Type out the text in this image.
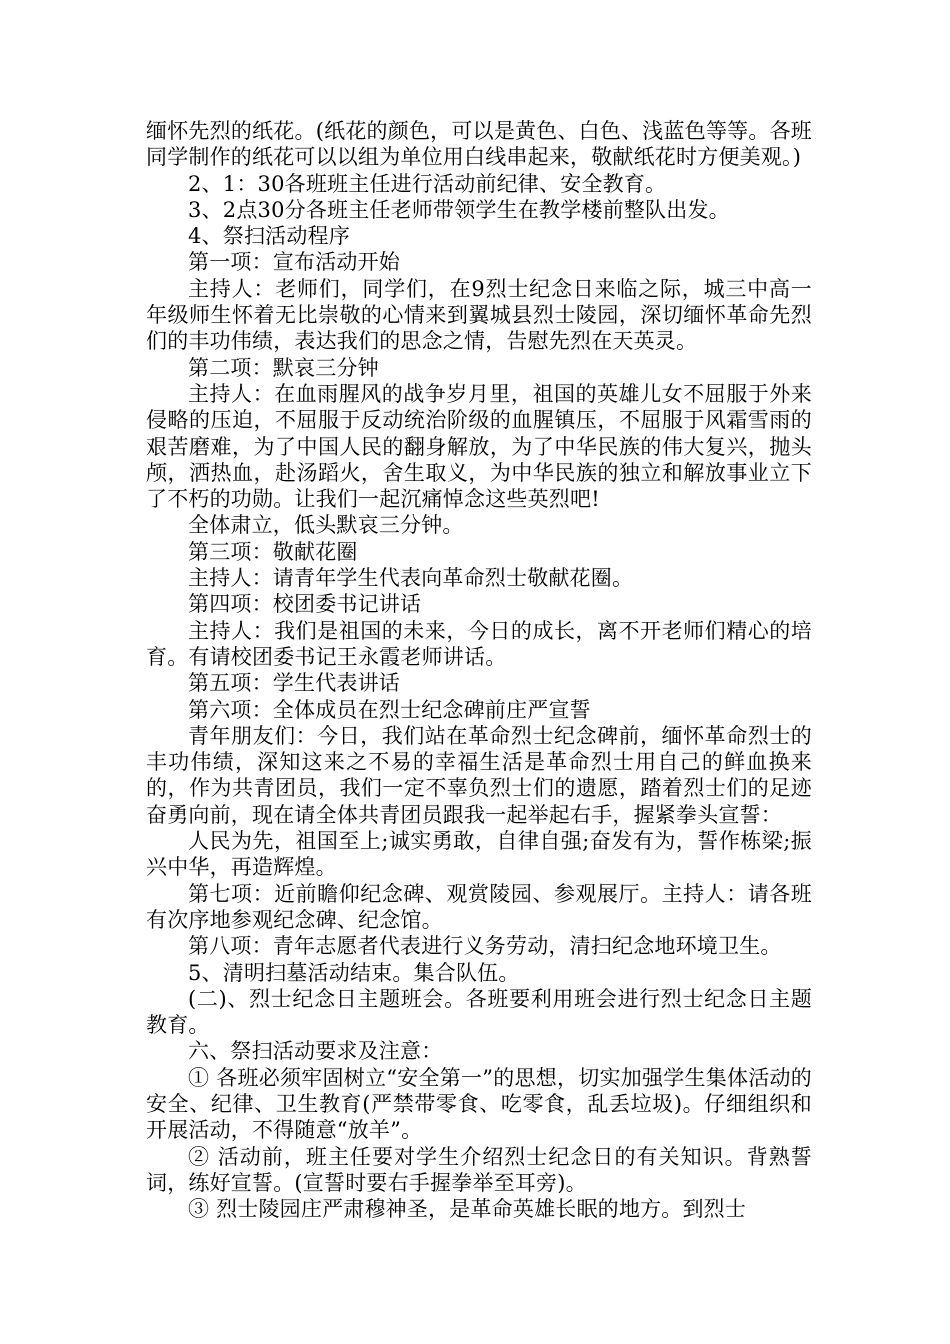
缅怀先烈的纸花。(纸花的颜色，可以是黄色、白色、浅蓝色等等。各班同学制作的纸花可以以组为单位用白线串起来，敬献纸花时方便美观。)

2、1：30各班班主任进行活动前纪律、安全教育。

3、2点30分各班主任老师带领学生在教学楼前整队出发。

4、祭扫活动程序

第一项：宣布活动开始

主持人：老师们，同学们，在9烈士纪念日来临之际，城三中高一年级师生怀着无比崇敬的心情来到翼城县烈士陵园，深切缅怀革命先烈们的丰功伟绩，表达我们的思念之情，告慰先烈在天英灵。

第二项：默哀三分钟

主持人：在血雨腥风的战争岁月里，祖国的英雄儿女不屈服于外来侵略的压迫，不屈服于反动统治阶级的血腥镇压，不屈服于风霜雪雨的艰苦磨难，为了中国人民的翻身解放，为了中华民族的伟大复兴，抛头颅，洒热血，赴汤蹈火，舍生取义，为中华民族的独立和解放事业立下了不朽的功勋。让我们一起沉痛悼念这些英烈吧!

全体肃立，低头默哀三分钟。

第三项：敬献花圈

主持人：请青年学生代表向革命烈士敬献花圈。

第四项：校团委书记讲话

主持人：我们是祖国的未来，今日的成长，离不开老师们精心的培育。有请校团委书记王永霞老师讲话。

第五项：学生代表讲话

第六项：全体成员在烈士纪念碑前庄严宣誓

青年朋友们：今日，我们站在革命烈士纪念碑前，缅怀革命烈士的丰功伟绩，深知这来之不易的幸福生活是革命烈士用自己的鲜血换来的，作为共青团员，我们一定不辜负烈士们的遗愿，踏着烈士们的足迹奋勇向前，现在请全体共青团员跟我一起举起右手，握紧拳头宣誓：

人民为先，祖国至上;诚实勇敢，自律自强;奋发有为，誓作栋梁;振兴中华，再造辉煌。

第七项：近前瞻仰纪念碑、观赏陵园、参观展厅。主持人：请各班有次序地参观纪念碑、纪念馆。

第八项：青年志愿者代表进行义务劳动，清扫纪念地环境卫生。

5、清明扫墓活动结束。集合队伍。

(二)、烈士纪念日主题班会。各班要利用班会进行烈士纪念日主题教育。

六、祭扫活动要求及注意：

① 各班必须牢固树立“安全第一”的思想，切实加强学生集体活动的安全、纪律、卫生教育(严禁带零食、吃零食，乱丢垃圾)。仔细组织和开展活动，不得随意“放羊”。

② 活动前，班主任要对学生介绍烈士纪念日的有关知识。背熟誓词，练好宣誓。(宣誓时要右手握拳举至耳旁)。

③ 烈士陵园庄严肃穆神圣，是革命英雄长眠的地方。到烈士
